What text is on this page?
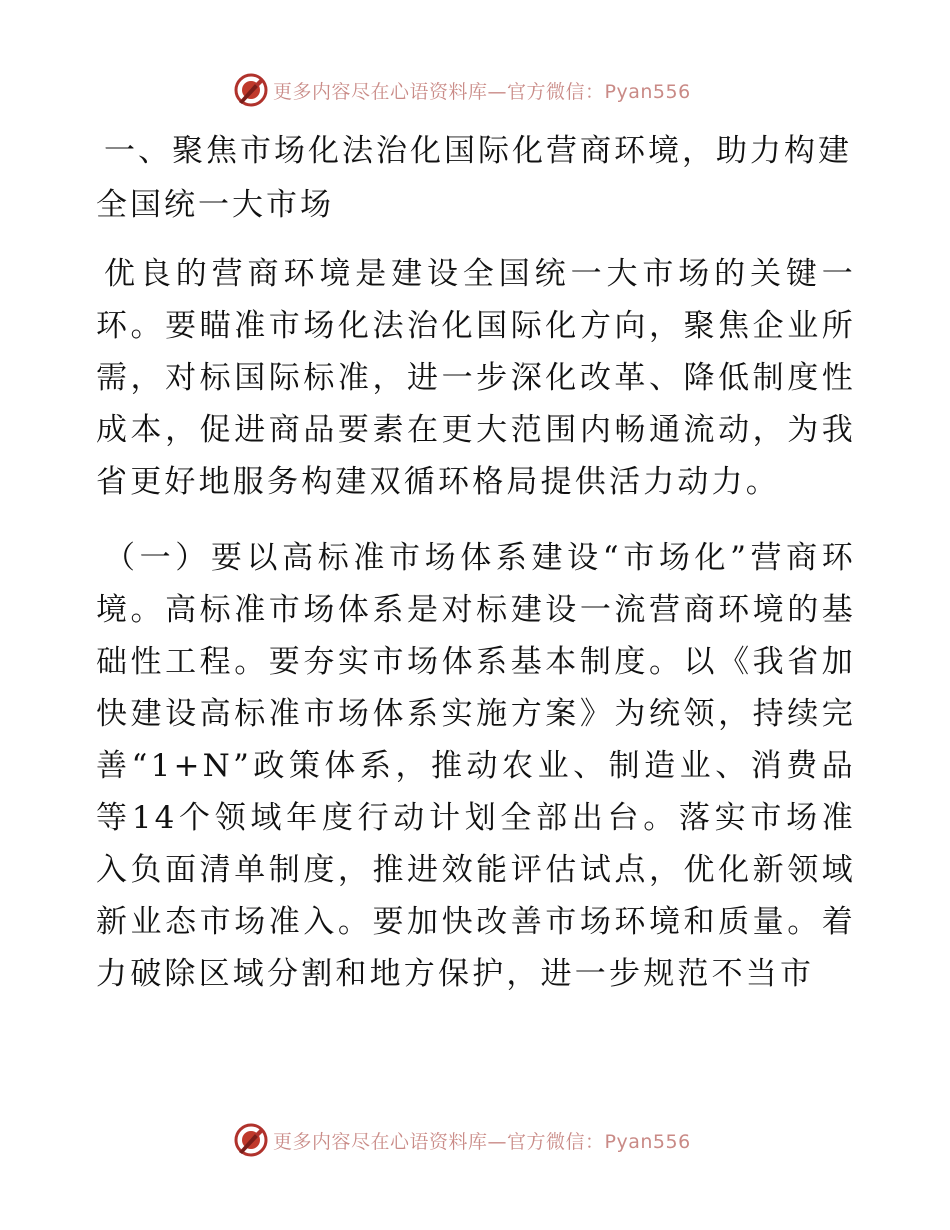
更多内容尽在心语资料库—官方微信：Pyan556
一、聚焦市场化法治化国际化营商环境，助力构建全国统一大市场

优良的营商环境是建设全国统一大市场的关键一环。要瞄准市场化法治化国际化方向，聚焦企业所需，对标国际标准，进一步深化改革、降低制度性成本，促进商品要素在更大范围内畅通流动，为我省更好地服务构建双循环格局提供活力动力。

（一）要以高标准市场体系建设“市场化”营商环境。高标准市场体系是对标建设一流营商环境的基础性工程。要夯实市场体系基本制度。以《我省加快建设高标准市场体系实施方案》为统领，持续完善“1+N”政策体系，推动农业、制造业、消费品等14个领域年度行动计划全部出台。落实市场准入负面清单制度，推进效能评估试点，优化新领域新业态市场准入。要加快改善市场环境和质量。着力破除区域分割和地方保护，进一步规范不当市

更多内容尽在心语资料库—官方微信：Pyan556
